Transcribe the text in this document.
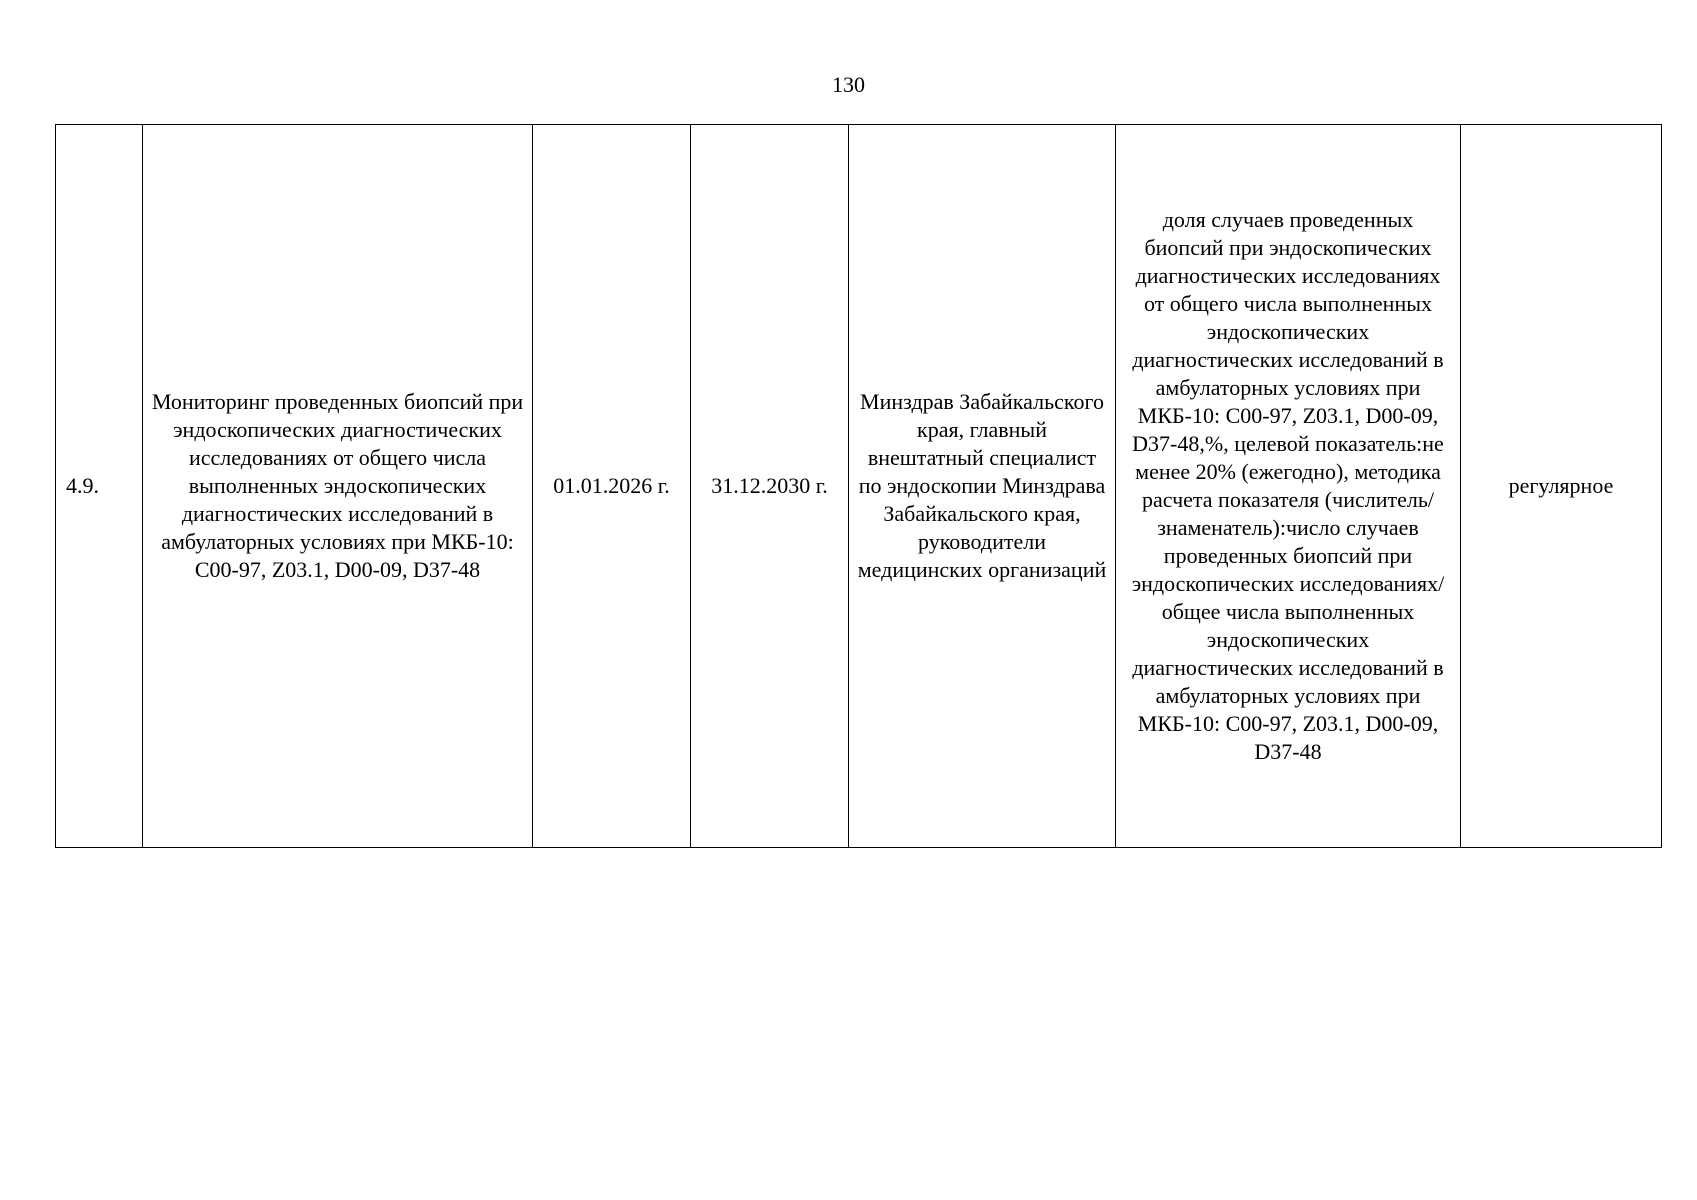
130
4.9.	Мониторинг проведенных биопсий при эндоскопических диагностических исследованиях от общего числа выполненных эндоскопических диагностических исследований в амбулаторных условиях при МКБ-10: C00-97, Z03.1, D00-09, D37-48	01.01.2026 г.	31.12.2030 г.	Минздрав Забайкальского края, главный внештатный специалист по эндоскопии Минздрава Забайкальского края, руководители медицинских организаций	доля случаев проведенных биопсий при эндоскопических диагностических исследованиях от общего числа выполненных эндоскопических диагностических исследований в амбулаторных условиях при МКБ-10: C00-97, Z03.1, D00-09, D37-48,%, целевой показатель:не менее 20% (ежегодно), методика расчета показателя (числитель/знаменатель):число случаев проведенных биопсий при эндоскопических исследованиях/ общее числа выполненных эндоскопических диагностических исследований в амбулаторных условиях при МКБ-10: C00-97, Z03.1, D00-09, D37-48	регулярное
